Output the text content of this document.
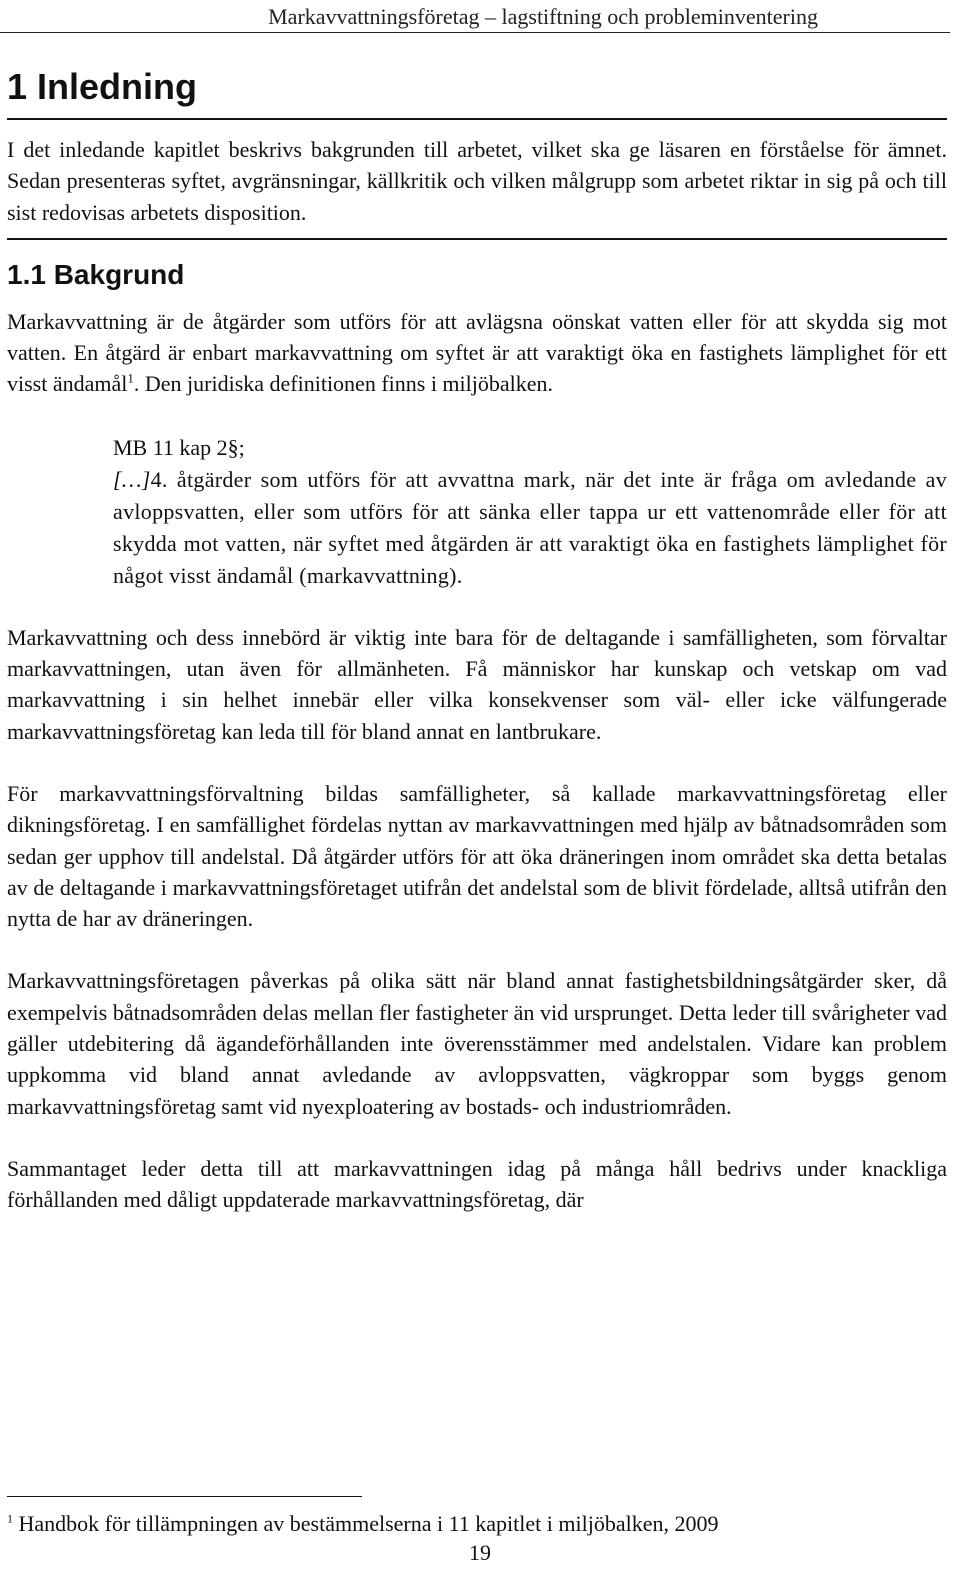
Markavvattningsföretag – lagstiftning och probleminventering
1 Inledning

I det inledande kapitlet beskrivs bakgrunden till arbetet, vilket ska ge läsaren en förståelse för ämnet. Sedan presenteras syftet, avgränsningar, källkritik och vilken målgrupp som arbetet riktar in sig på och till sist redovisas arbetets disposition.

1.1 Bakgrund

Markavvattning är de åtgärder som utförs för att avlägsna oönskat vatten eller för att skydda sig mot vatten. En åtgärd är enbart markavvattning om syftet är att varaktigt öka en fastighets lämplighet för ett visst ändamål$^1$. Den juridiska definitionen finns i miljöbalken.

MB 11 kap 2§;
[…]4. åtgärder som utförs för att avvattna mark, när det inte är fråga om avledande av avloppsvatten, eller som utförs för att sänka eller tappa ur ett vattenområde eller för att skydda mot vatten, när syftet med åtgärden är att varaktigt öka en fastighets lämplighet för något visst ändamål (markavvattning).

Markavvattning och dess innebörd är viktig inte bara för de deltagande i samfälligheten, som förvaltar markavvattningen, utan även för allmänheten. Få människor har kunskap och vetskap om vad markavvattning i sin helhet innebär eller vilka konsekvenser som väl- eller icke välfungerade markavvattningsföretag kan leda till för bland annat en lantbrukare.

För markavvattningsförvaltning bildas samfälligheter, så kallade markavvattningsföretag eller dikningsföretag. I en samfällighet fördelas nyttan av markavvattningen med hjälp av båtnadsområden som sedan ger upphov till andelstal. Då åtgärder utförs för att öka dräneringen inom området ska detta betalas av de deltagande i markavvattningsföretaget utifrån det andelstal som de blivit fördelade, alltså utifrån den nytta de har av dräneringen.

Markavvattningsföretagen påverkas på olika sätt när bland annat fastighetsbildningsåtgärder sker, då exempelvis båtnadsområden delas mellan fler fastigheter än vid ursprunget. Detta leder till svårigheter vad gäller utdebitering då ägandeförhållanden inte överensstämmer med andelstalen. Vidare kan problem uppkomma vid bland annat avledande av avloppsvatten, vägkroppar som byggs genom markavvattningsföretag samt vid nyexploatering av bostads- och industriområden.

Sammantaget leder detta till att markavvattningen idag på många håll bedrivs under knackliga förhållanden med dåligt uppdaterade markavvattningsföretag, där

$^1$ Handbok för tillämpningen av bestämmelserna i 11 kapitlet i miljöbalken, 2009
19
